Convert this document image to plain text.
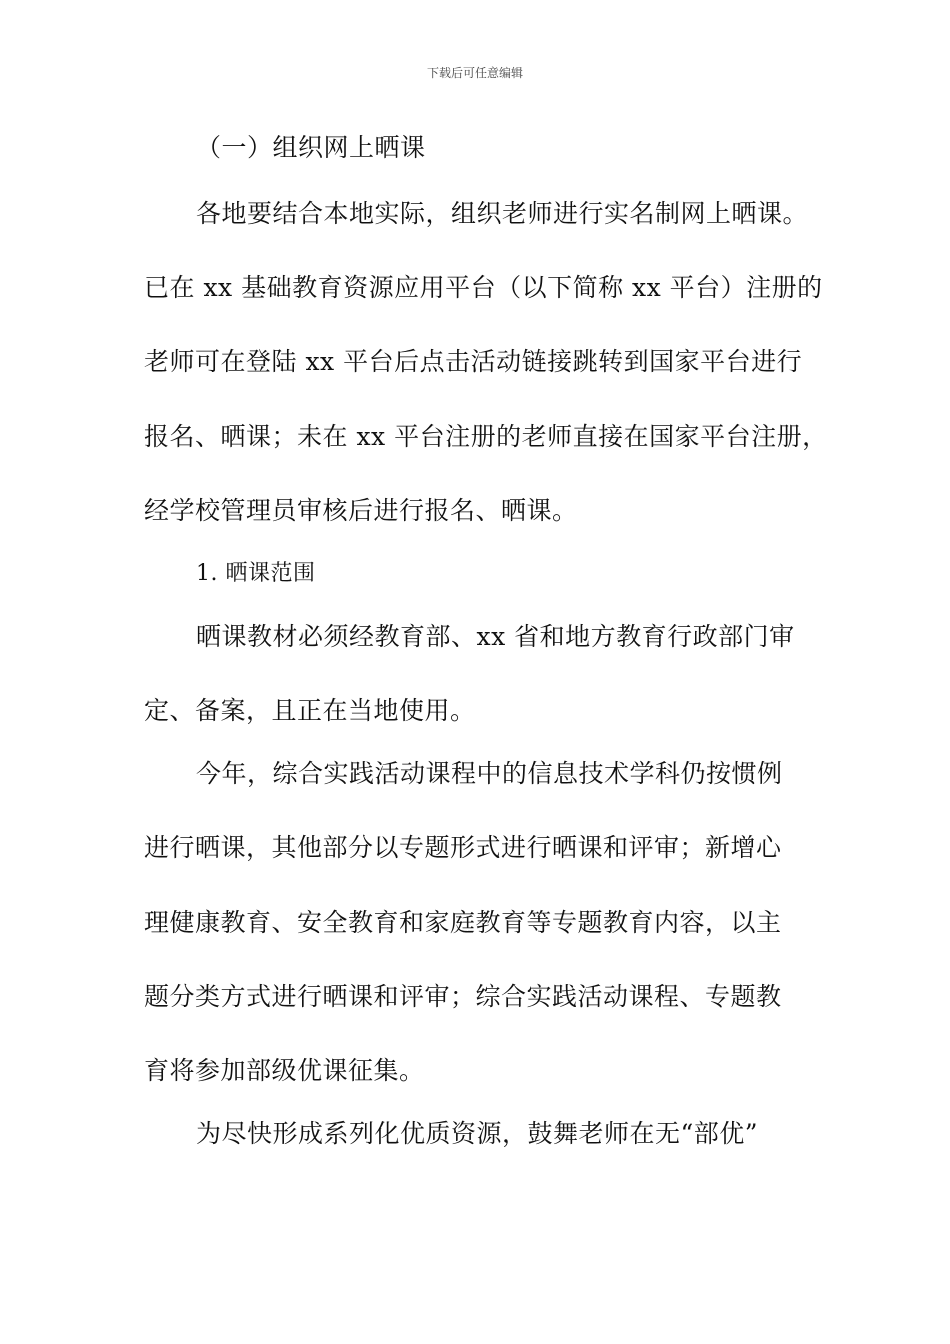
下载后可任意编辑
（一）组织网上晒课
各地要结合本地实际，组织老师进行实名制网上晒课。
已在 xx 基础教育资源应用平台（以下简称 xx 平台）注册的
老师可在登陆 xx 平台后点击活动链接跳转到国家平台进行
报名、晒课；未在 xx 平台注册的老师直接在国家平台注册，
经学校管理员审核后进行报名、晒课。
1. 晒课范围
晒课教材必须经教育部、xx 省和地方教育行政部门审
定、备案，且正在当地使用。
今年，综合实践活动课程中的信息技术学科仍按惯例
进行晒课，其他部分以专题形式进行晒课和评审；新增心
理健康教育、安全教育和家庭教育等专题教育内容，以主
题分类方式进行晒课和评审；综合实践活动课程、专题教
育将参加部级优课征集。
为尽快形成系列化优质资源，鼓舞老师在无“部优”
